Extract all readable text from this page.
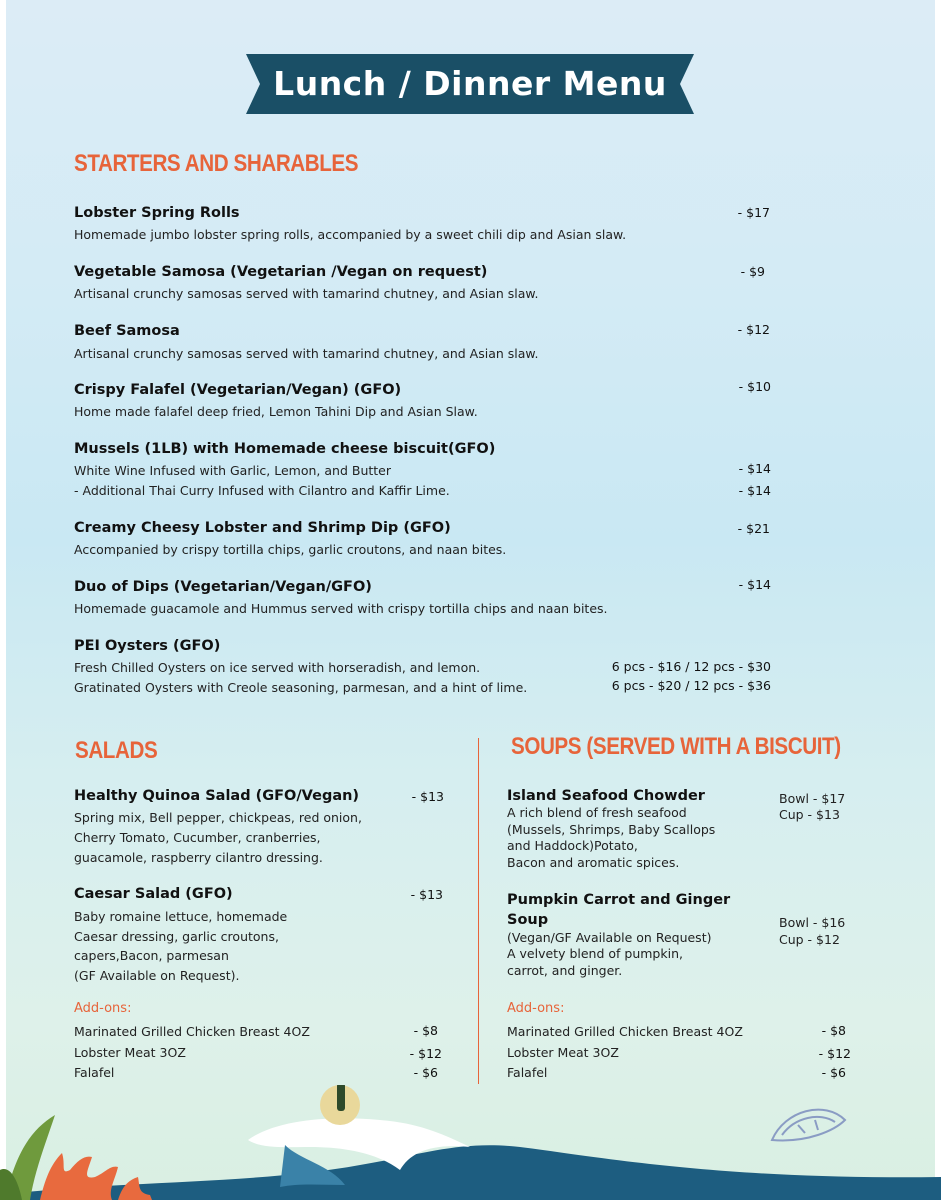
Lunch / Dinner Menu
STARTERS AND SHARABLES
Lobster Spring Rolls
Homemade jumbo lobster spring rolls, accompanied by a sweet chili dip and Asian slaw.
- $17
Vegetable Samosa (Vegetarian /Vegan on request)
Artisanal crunchy samosas served with tamarind chutney, and Asian slaw.
- $9
Beef Samosa
Artisanal crunchy samosas served with tamarind chutney, and Asian slaw.
- $12
Crispy Falafel (Vegetarian/Vegan) (GFO)
Home made falafel deep fried, Lemon Tahini Dip and Asian Slaw.
- $10
Mussels (1LB) with Homemade cheese biscuit(GFO)
White Wine Infused with Garlic, Lemon, and Butter	- $14
- Additional Thai Curry Infused with Cilantro and Kaffir Lime.	- $14
Creamy Cheesy Lobster and Shrimp Dip (GFO)
Accompanied by crispy tortilla chips, garlic croutons, and naan bites.
- $21
Duo of Dips (Vegetarian/Vegan/GFO)
Homemade guacamole and Hummus served with crispy tortilla chips and naan bites.
- $14
PEI Oysters (GFO)
Fresh Chilled Oysters on ice served with horseradish, and lemon.	6 pcs - $16 / 12 pcs - $30
Gratinated Oysters with Creole seasoning, parmesan, and a hint of lime.	6 pcs - $20 / 12 pcs - $36
SALADS
Healthy Quinoa Salad (GFO/Vegan)	- $13
Spring mix, Bell pepper, chickpeas, red onion,
Cherry Tomato, Cucumber, cranberries,
guacamole, raspberry cilantro dressing.
Caesar Salad (GFO)	- $13
Baby romaine lettuce, homemade
Caesar dressing, garlic croutons,
capers,Bacon, parmesan
(GF Available on Request).
Add-ons:
Marinated Grilled Chicken Breast 4OZ	- $8
Lobster Meat 3OZ	- $12
Falafel	- $6
SOUPS (SERVED WITH A BISCUIT)
Island Seafood Chowder	Bowl - $17
Cup - $13
A rich blend of fresh seafood
(Mussels, Shrimps, Baby Scallops
and Haddock)Potato,
Bacon and aromatic spices.
Pumpkin Carrot and Ginger
Soup	Bowl - $16
Cup - $12
(Vegan/GF Available on Request)
A velvety blend of pumpkin,
carrot, and ginger.
Add-ons:
Marinated Grilled Chicken Breast 4OZ	- $8
Lobster Meat 3OZ	- $12
Falafel	- $6
